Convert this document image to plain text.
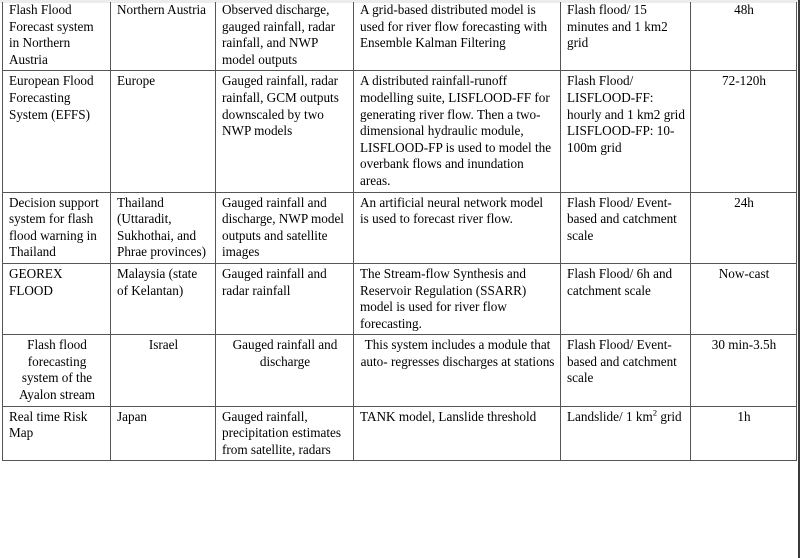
Flash Flood Forecast system in Northern Austria	Northern Austria	Observed discharge, gauged rainfall, radar rainfall, and NWP model outputs	A grid-based distributed model is used for river flow forecasting with Ensemble Kalman Filtering	Flash flood/ 15 minutes and 1 km2 grid	48h
European Flood Forecasting System (EFFS)	Europe	Gauged rainfall, radar rainfall, GCM outputs downscaled by two NWP models	A distributed rainfall-runoff modelling suite, LISFLOOD-FF for generating river flow. Then a two-dimensional hydraulic module, LISFLOOD-FP is used to model the overbank flows and inundation areas.	Flash Flood/ LISFLOOD-FF: hourly and 1 km2 grid LISFLOOD-FP: 10-100m grid	72-120h
Decision support system for flash flood warning in Thailand	Thailand (Uttaradit, Sukhothai, and Phrae provinces)	Gauged rainfall and discharge, NWP model outputs and satellite images	An artificial neural network model is used to forecast river flow.	Flash Flood/ Event-based and catchment scale	24h
GEOREX FLOOD	Malaysia (state of Kelantan)	Gauged rainfall and radar rainfall	The Stream-flow Synthesis and Reservoir Regulation (SSARR) model is used for river flow forecasting.	Flash Flood/ 6h and catchment scale	Now-cast
Flash flood forecasting system of the Ayalon stream	Israel	Gauged rainfall and discharge	This system includes a module that auto- regresses discharges at stations	Flash Flood/ Event-based and catchment scale	30 min-3.5h
Real time Risk Map	Japan	Gauged rainfall, precipitation estimates from satellite, radars	TANK model, Lanslide threshold	Landslide/ 1 $km^2$ grid	1h
